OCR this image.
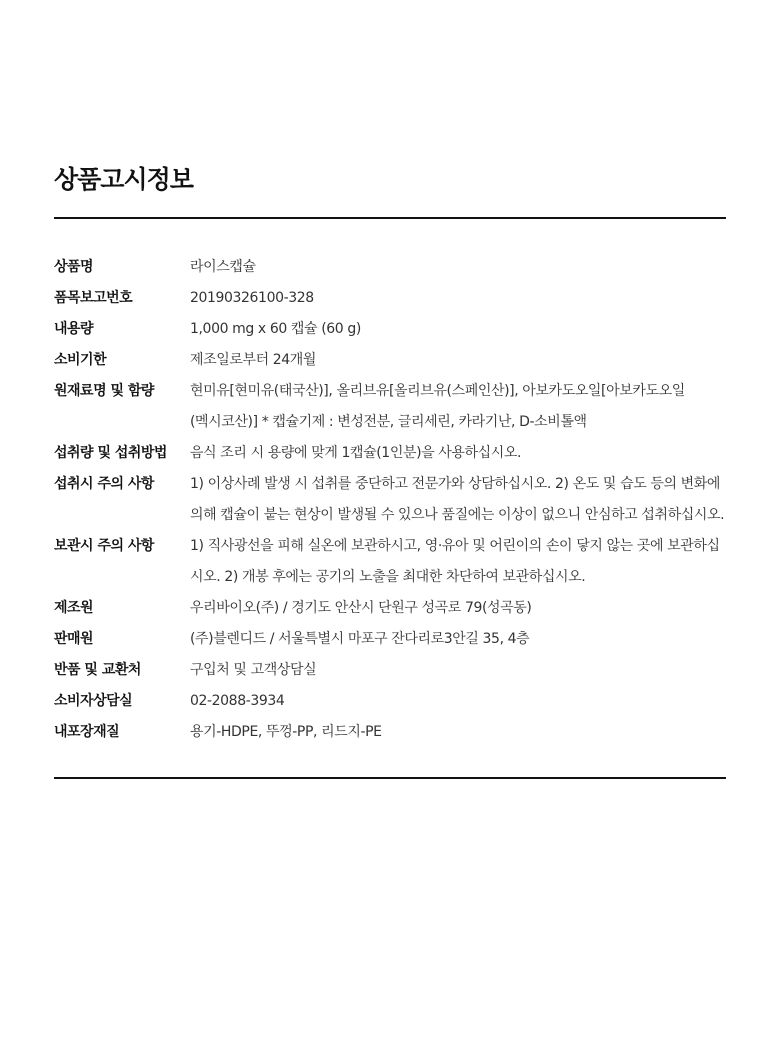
상품고시정보
상품명	라이스캡슐
폼목보고번호	20190326100-328
내용량	1,000 mg x 60 캡슐 (60 g)
소비기한	제조일로부터 24개월
원재료명 및 함량	현미유[현미유(태국산)], 올리브유[올리브유(스페인산)], 아보카도오일[아보카도오일
(멕시코산)] * 캡슐기제 : 변성전분, 글리세린, 카라기난, D-소비톨액
섭취량 및 섭취방법	음식 조리 시 용량에 맞게 1캡슐(1인분)을 사용하십시오.
섭취시 주의 사항	1) 이상사례 발생 시 섭취를 중단하고 전문가와 상담하십시오. 2) 온도 및 습도 등의 변화에
의해 캡슐이 붙는 현상이 발생될 수 있으나 품질에는 이상이 없으니 안심하고 섭취하십시오.
보관시 주의 사항	1) 직사광선을 피해 실온에 보관하시고, 영·유아 및 어린이의 손이 닿지 않는 곳에 보관하십
시오. 2) 개봉 후에는 공기의 노출을 최대한 차단하여 보관하십시오.
제조원	우리바이오(주) / 경기도 안산시 단원구 성곡로 79(성곡동)
판매원	(주)블렌디드 / 서울특별시 마포구 잔다리로3안길 35, 4층
반품 및 교환처	구입처 및 고객상담실
소비자상담실	02-2088-3934
내포장재질	용기-HDPE, 뚜껑-PP, 리드지-PE
